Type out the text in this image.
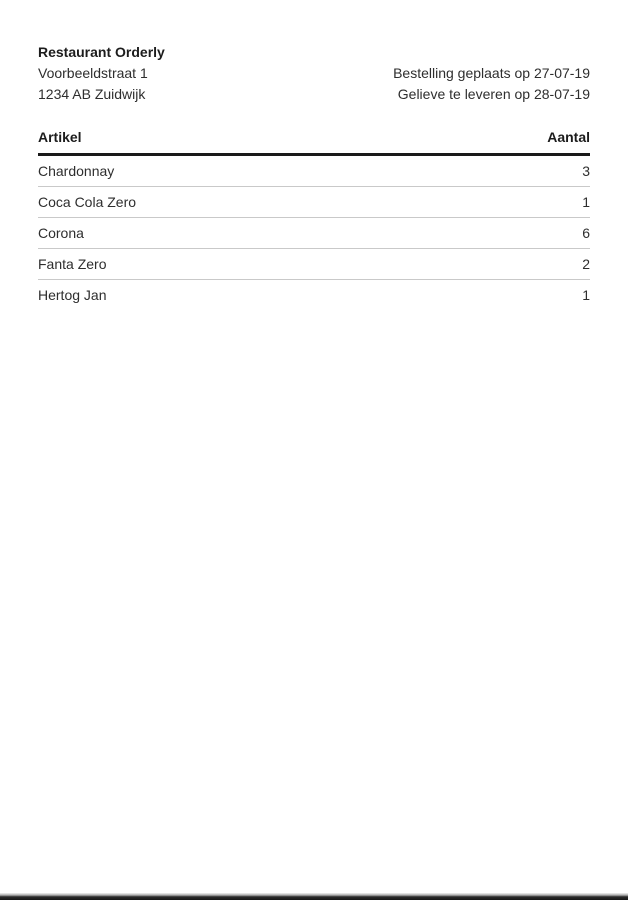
Restaurant Orderly
Voorbeeldstraat 1
1234 AB Zuidwijk
Bestelling geplaats op 27-07-19
Gelieve te leveren op 28-07-19
Artikel	Aantal
Chardonnay	3
Coca Cola Zero	1
Corona	6
Fanta Zero	2
Hertog Jan	1
